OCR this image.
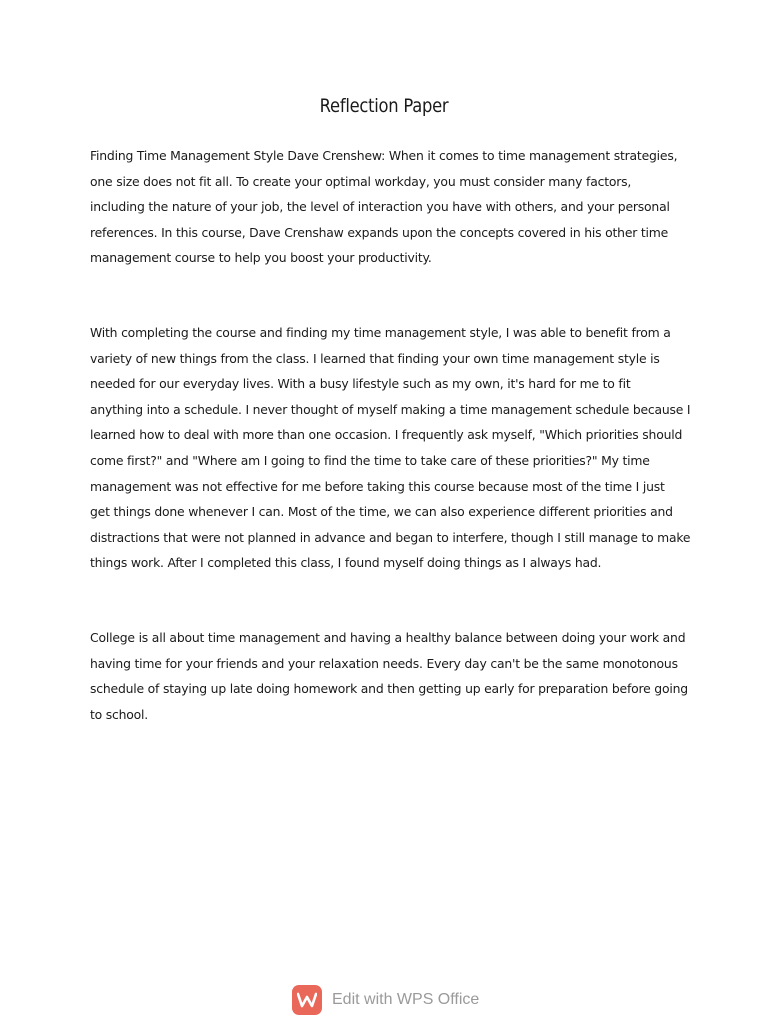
Reflection Paper
Finding Time Management Style Dave Crenshew: When it comes to time management strategies,
one size does not fit all. To create your optimal workday, you must consider many factors,
including the nature of your job, the level of interaction you have with others, and your personal
references. In this course, Dave Crenshaw expands upon the concepts covered in his other time
management course to help you boost your productivity.
With completing the course and finding my time management style, I was able to benefit from a
variety of new things from the class. I learned that finding your own time management style is
needed for our everyday lives. With a busy lifestyle such as my own, it's hard for me to fit
anything into a schedule. I never thought of myself making a time management schedule because I
learned how to deal with more than one occasion. I frequently ask myself, "Which priorities should
come first?" and "Where am I going to find the time to take care of these priorities?" My time
management was not effective for me before taking this course because most of the time I just
get things done whenever I can. Most of the time, we can also experience different priorities and
distractions that were not planned in advance and began to interfere, though I still manage to make
things work. After I completed this class, I found myself doing things as I always had.
College is all about time management and having a healthy balance between doing your work and
having time for your friends and your relaxation needs. Every day can't be the same monotonous
schedule of staying up late doing homework and then getting up early for preparation before going
to school.
Edit with WPS Office
